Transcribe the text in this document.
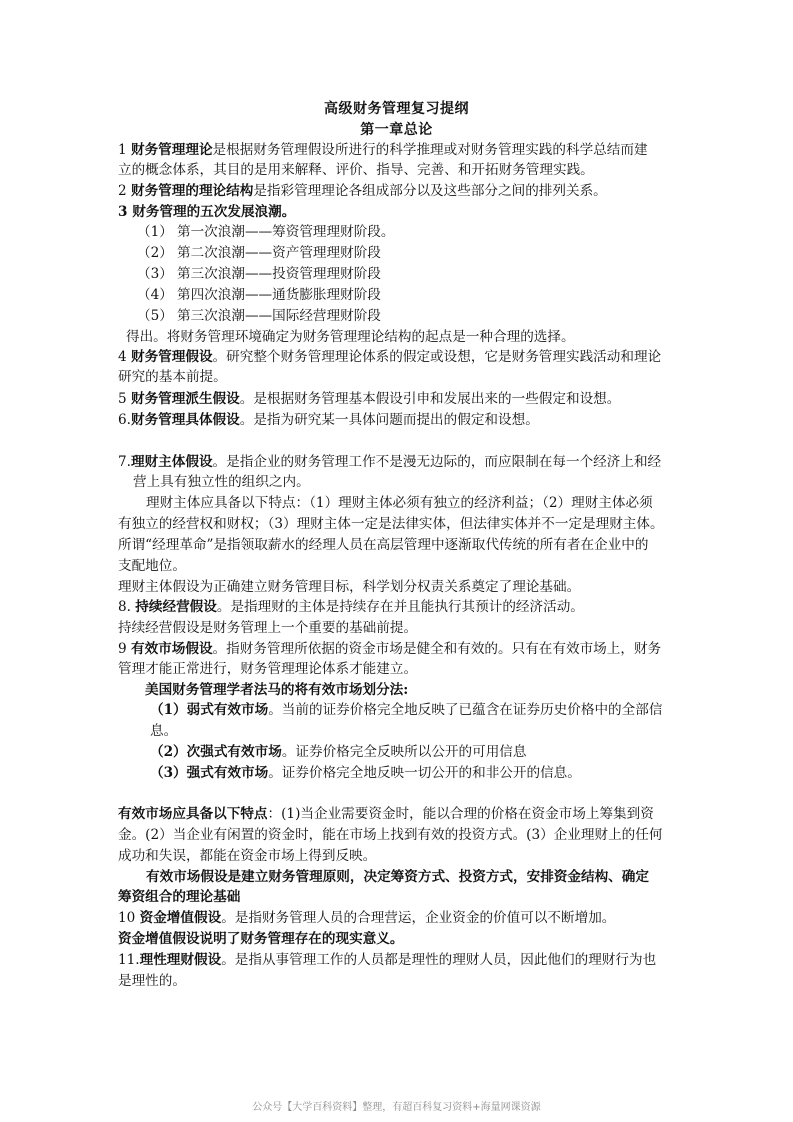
高级财务管理复习提纲
第一章总论
1 财务管理理论是根据财务管理假设所进行的科学推理或对财务管理实践的科学总结而建
立的概念体系，其目的是用来解释、评价、指导、完善、和开拓财务管理实践。
2 财务管理的理论结构是指彩管理理论各组成部分以及这些部分之间的排列关系。
3 财务管理的五次发展浪潮。
（1） 第一次浪潮——筹资管理理财阶段。
（2） 第二次浪潮——资产管理理财阶段
（3） 第三次浪潮——投资管理理财阶段
（4） 第四次浪潮——通货膨胀理财阶段
（5） 第三次浪潮——国际经营理财阶段
得出。将财务管理环境确定为财务管理理论结构的起点是一种合理的选择。
4 财务管理假设。研究整个财务管理理论体系的假定或设想，它是财务管理实践活动和理论
研究的基本前提。
5 财务管理派生假设。是根据财务管理基本假设引申和发展出来的一些假定和设想。
6.财务管理具体假设。是指为研究某一具体问题而提出的假定和设想。
7.理财主体假设。是指企业的财务管理工作不是漫无边际的，而应限制在每一个经济上和经
营上具有独立性的组织之内。
理财主体应具备以下特点：（1）理财主体必须有独立的经济利益；（2）理财主体必须
有独立的经营权和财权；（3）理财主体一定是法律实体，但法律实体并不一定是理财主体。
所谓“经理革命”是指领取薪水的经理人员在高层管理中逐渐取代传统的所有者在企业中的
支配地位。
理财主体假设为正确建立财务管理目标，科学划分权责关系奠定了理论基础。
8. 持续经营假设。是指理财的主体是持续存在并且能执行其预计的经济活动。
持续经营假设是财务管理上一个重要的基础前提。
9 有效市场假设。指财务管理所依据的资金市场是健全和有效的。只有在有效市场上，财务
管理才能正常进行，财务管理理论体系才能建立。
美国财务管理学者法马的将有效市场划分法:
（1）弱式有效市场。当前的证券价格完全地反映了已蕴含在证券历史价格中的全部信
息。
（2）次强式有效市场。证券价格完全反映所以公开的可用信息
（3）强式有效市场。证券价格完全地反映一切公开的和非公开的信息。
有效市场应具备以下特点：(1)当企业需要资金时，能以合理的价格在资金市场上筹集到资
金。(2）当企业有闲置的资金时，能在市场上找到有效的投资方式。(3）企业理财上的任何
成功和失误，都能在资金市场上得到反映。
有效市场假设是建立财务管理原则，决定筹资方式、投资方式，安排资金结构、确定
筹资组合的理论基础
10 资金增值假设。是指财务管理人员的合理营运，企业资金的价值可以不断增加。
资金增值假设说明了财务管理存在的现实意义。
11.理性理财假设。是指从事管理工作的人员都是理性的理财人员，因此他们的理财行为也
是理性的。
公众号【大学百科资料】整理，有超百科复习资料+海量网课资源
